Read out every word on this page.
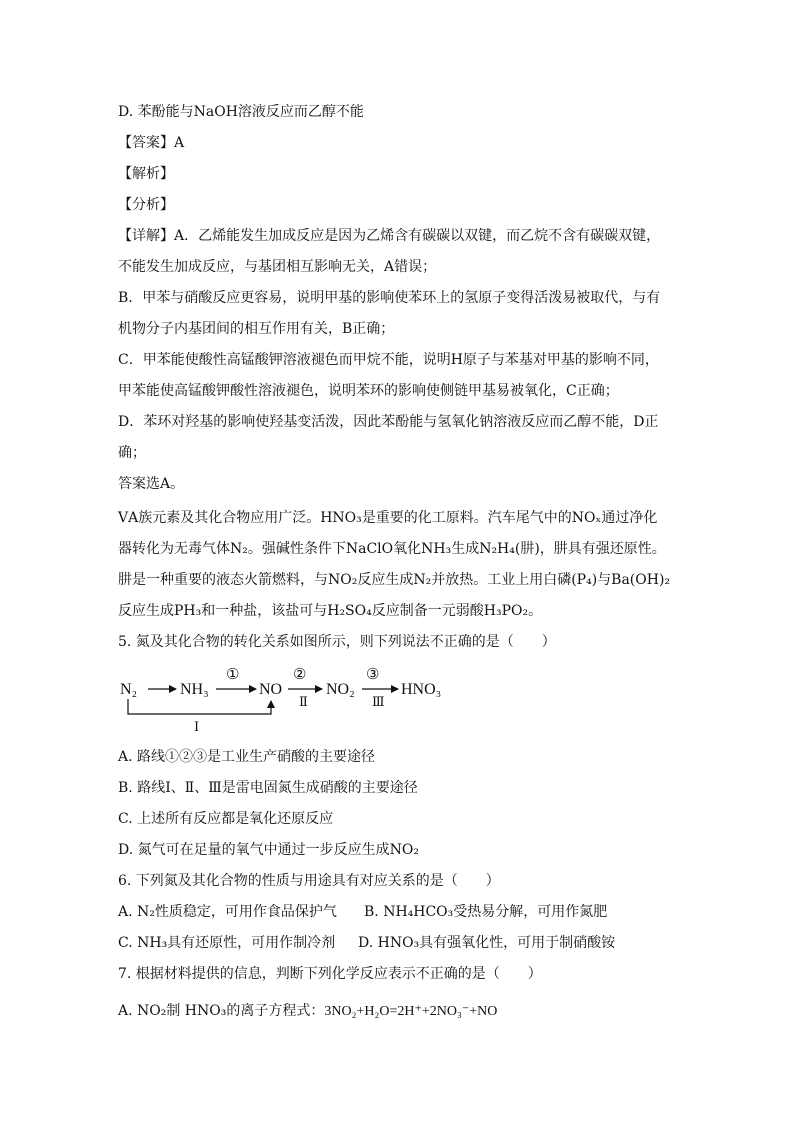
D. 苯酚能与NaOH溶液反应而乙醇不能
【答案】A
【解析】
【分析】
【详解】A．乙烯能发生加成反应是因为乙烯含有碳碳以双键，而乙烷不含有碳碳双键，
不能发生加成反应，与基团相互影响无关，A错误；
B．甲苯与硝酸反应更容易，说明甲基的影响使苯环上的氢原子变得活泼易被取代，与有
机物分子内基团间的相互作用有关，B正确；
C．甲苯能使酸性高锰酸钾溶液褪色而甲烷不能，说明H原子与苯基对甲基的影响不同，
甲苯能使高锰酸钾酸性溶液褪色，说明苯环的影响使侧链甲基易被氧化，C正确；
D．苯环对羟基的影响使羟基变活泼，因此苯酚能与氢氧化钠溶液反应而乙醇不能，D正
确；
答案选A。
ⅤA族元素及其化合物应用广泛。HNO₃是重要的化工原料。汽车尾气中的NOₓ通过净化
器转化为无毒气体N₂。强碱性条件下NaClO氧化NH₃生成N₂H₄(肼)，肼具有强还原性。
肼是一种重要的液态火箭燃料，与NO₂反应生成N₂并放热。工业上用白磷(P₄)与Ba(OH)₂
反应生成PH₃和一种盐，该盐可与H₂SO₄反应制备一元弱酸H₃PO₂。
5. 氮及其化合物的转化关系如图所示，则下列说法不正确的是（　　）
N₂	NH₃
①
NO
②
Ⅱ
NO₂
③
Ⅲ
HNO₃
Ⅰ
A. 路线①②③是工业生产硝酸的主要途径
B. 路线Ⅰ、Ⅱ、Ⅲ是雷电固氮生成硝酸的主要途径
C. 上述所有反应都是氧化还原反应
D. 氮气可在足量的氧气中通过一步反应生成NO₂
6. 下列氮及其化合物的性质与用途具有对应关系的是（　　）
A. N₂性质稳定，可用作食品保护气	B. NH₄HCO₃受热易分解，可用作氮肥
C. NH₃具有还原性，可用作制冷剂	D. HNO₃具有强氧化性，可用于制硝酸铵
7. 根据材料提供的信息，判断下列化学反应表示不正确的是（　　）
A. NO₂制 HNO₃的离子方程式：3NO₂+H₂O=2H⁺+2NO₃⁻+NO
